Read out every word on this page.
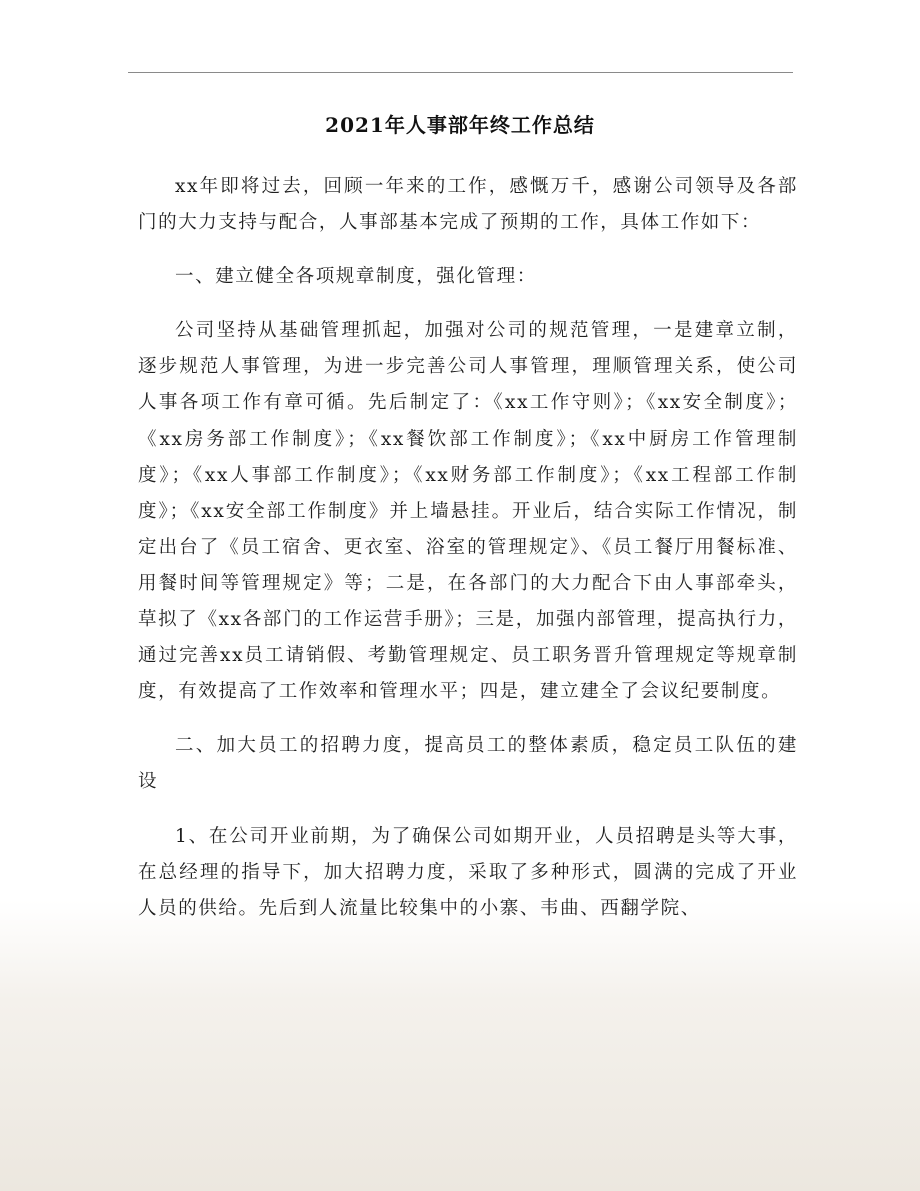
2021年人事部年终工作总结

xx年即将过去，回顾一年来的工作，感慨万千，感谢公司领导及各部门的大力支持与配合，人事部基本完成了预期的工作，具体工作如下：

一、建立健全各项规章制度，强化管理：

公司坚持从基础管理抓起，加强对公司的规范管理，一是建章立制，逐步规范人事管理，为进一步完善公司人事管理，理顺管理关系，使公司人事各项工作有章可循。先后制定了：《xx工作守则》；《xx安全制度》；《xx房务部工作制度》；《xx餐饮部工作制度》；《xx中厨房工作管理制度》；《xx人事部工作制度》；《xx财务部工作制度》；《xx工程部工作制度》；《xx安全部工作制度》并上墙悬挂。开业后，结合实际工作情况，制定出台了《员工宿舍、更衣室、浴室的管理规定》、《员工餐厅用餐标准、用餐时间等管理规定》等；二是，在各部门的大力配合下由人事部牵头，草拟了《xx各部门的工作运营手册》；三是，加强内部管理，提高执行力，通过完善xx员工请销假、考勤管理规定、员工职务晋升管理规定等规章制度，有效提高了工作效率和管理水平；四是，建立建全了会议纪要制度。

二、加大员工的招聘力度，提高员工的整体素质，稳定员工队伍的建设

1、在公司开业前期，为了确保公司如期开业，人员招聘是头等大事，在总经理的指导下，加大招聘力度，采取了多种形式，圆满的完成了开业人员的供给。先后到人流量比较集中的小寨、韦曲、西翻学院、
